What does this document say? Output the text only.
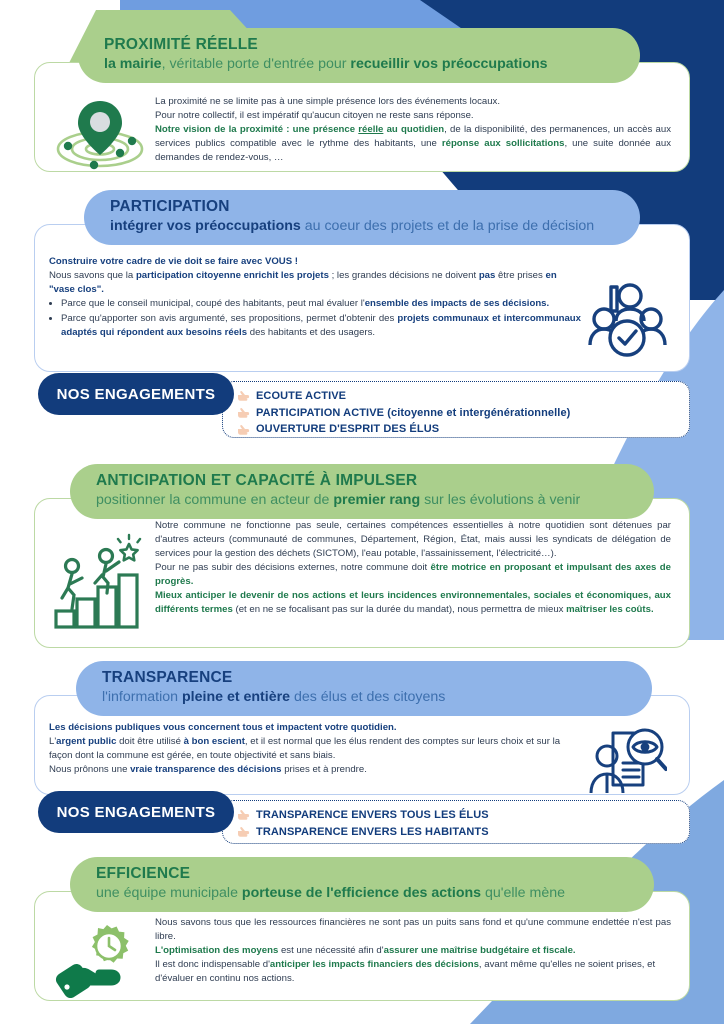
PROXIMITÉ RÉELLE
la mairie, véritable porte d'entrée pour recueillir vos préoccupations

La proximité ne se limite pas à une simple présence lors des événements locaux.

Pour notre collectif, il est impératif qu'aucun citoyen ne reste sans réponse.

Notre vision de la proximité : une présence réelle au quotidien, de la disponibilité, des permanences, un accès aux services publics compatible avec le rythme des habitants, une réponse aux sollicitations, une suite donnée aux demandes de rendez-vous, …

PARTICIPATION
intégrer vos préoccupations au coeur des projets et de la prise de décision

Construire votre cadre de vie doit se faire avec VOUS !

Nous savons que la participation citoyenne enrichit les projets ; les grandes décisions ne doivent pas être prises en "vase clos".

• Parce que le conseil municipal, coupé des habitants, peut mal évaluer l'ensemble des impacts de ses décisions.
• Parce qu'apporter son avis argumenté, ses propositions, permet d'obtenir des projets communaux et intercommunaux adaptés qui répondent aux besoins réels des habitants et des usagers.
ECOUTE ACTIVE
PARTICIPATION ACTIVE (citoyenne et intergénérationnelle)
OUVERTURE D'ESPRIT DES ÉLUS
NOS ENGAGEMENTS
ANTICIPATION ET CAPACITÉ À IMPULSER
positionner la commune en acteur de premier rang sur les évolutions à venir

Notre commune ne fonctionne pas seule, certaines compétences essentielles à notre quotidien sont détenues par d'autres acteurs (communauté de communes, Département, Région, État, mais aussi les syndicats de délégation de services pour la gestion des déchets (SICTOM), l'eau potable, l'assainissement, l'électricité…).

Pour ne pas subir des décisions externes, notre commune doit être motrice en proposant et impulsant des axes de progrès.

Mieux anticiper le devenir de nos actions et leurs incidences environnementales, sociales et économiques, aux différents termes (et en ne se focalisant pas sur la durée du mandat), nous permettra de mieux maîtriser les coûts.

TRANSPARENCE
l'information pleine et entière des élus et des citoyens

Les décisions publiques vous concernent tous et impactent votre quotidien.

L'argent public doit être utilisé à bon escient, et il est normal que les élus rendent des comptes sur leurs choix et sur la façon dont la commune est gérée, en toute objectivité et sans biais.

Nous prônons une vraie transparence des décisions prises et à prendre.

TRANSPARENCE ENVERS TOUS LES ÉLUS
TRANSPARENCE ENVERS LES HABITANTS
NOS ENGAGEMENTS
EFFICIENCE
une équipe municipale porteuse de l'efficience des actions qu'elle mène

Nous savons tous que les ressources financières ne sont pas un puits sans fond et qu'une commune endettée n'est pas libre.

L'optimisation des moyens est une nécessité afin d'assurer une maîtrise budgétaire et fiscale.

Il est donc indispensable d'anticiper les impacts financiers des décisions, avant même qu'elles ne soient prises, et d'évaluer en continu nos actions.
